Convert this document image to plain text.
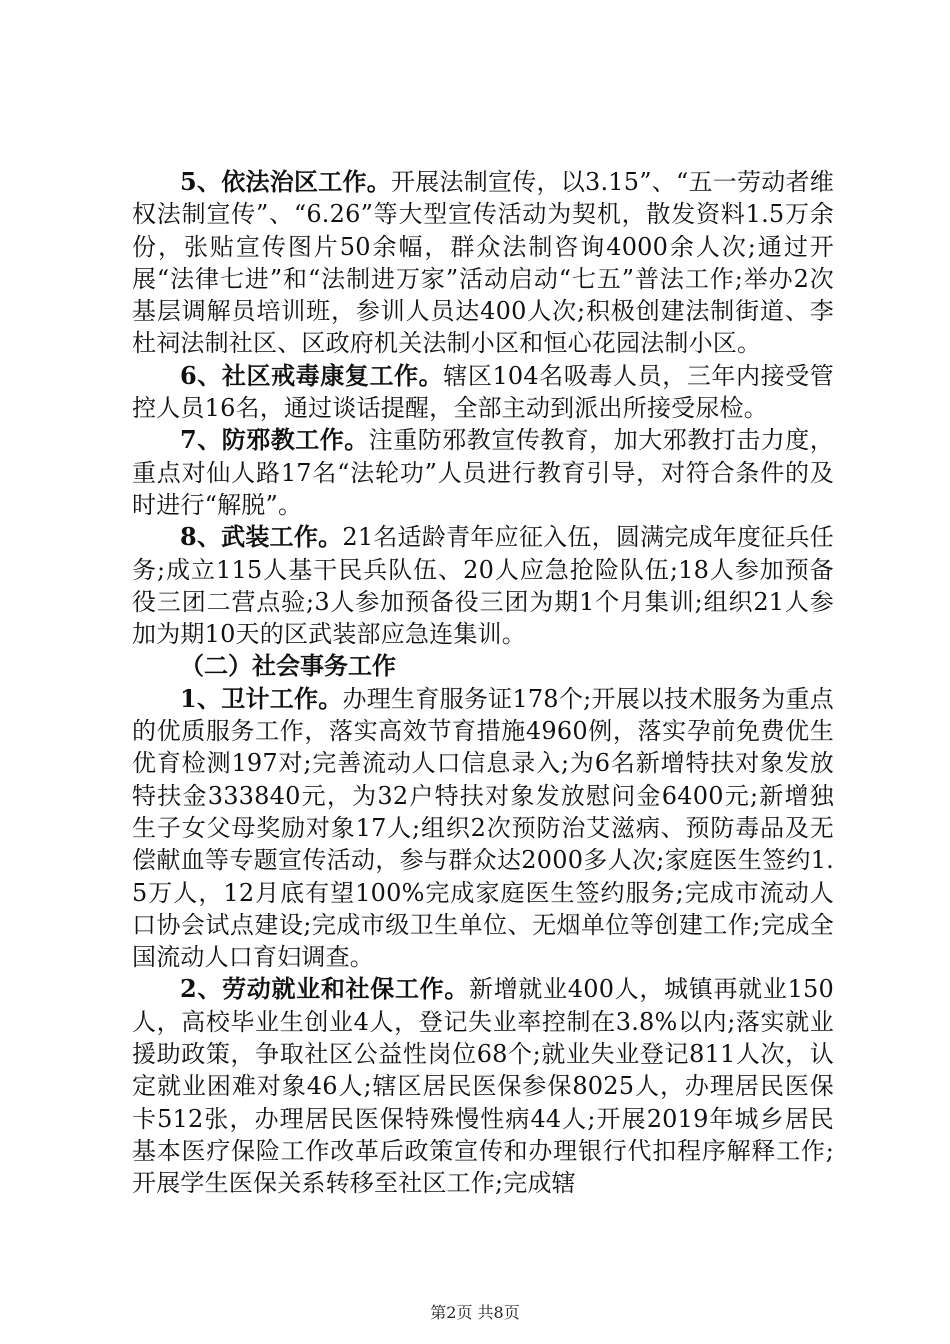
5、依法治区工作。开展法制宣传，以3.15”、“五一劳动者维权法制宣传”、“6.26”等大型宣传活动为契机，散发资料1.5万余份，张贴宣传图片50余幅，群众法制咨询4000余人次;通过开展“法律七进”和“法制进万家”活动启动“七五”普法工作;举办2次基层调解员培训班，参训人员达400人次;积极创建法制街道、李杜祠法制社区、区政府机关法制小区和恒心花园法制小区。

6、社区戒毒康复工作。辖区104名吸毒人员，三年内接受管控人员16名，通过谈话提醒，全部主动到派出所接受尿检。

7、防邪教工作。注重防邪教宣传教育，加大邪教打击力度，重点对仙人路17名“法轮功”人员进行教育引导，对符合条件的及时进行“解脱”。

8、武装工作。21名适龄青年应征入伍，圆满完成年度征兵任务;成立115人基干民兵队伍、20人应急抢险队伍;18人参加预备役三团二营点验;3人参加预备役三团为期1个月集训;组织21人参加为期10天的区武装部应急连集训。

（二）社会事务工作

1、卫计工作。办理生育服务证178个;开展以技术服务为重点的优质服务工作，落实高效节育措施4960例，落实孕前免费优生优育检测197对;完善流动人口信息录入;为6名新增特扶对象发放特扶金333840元，为32户特扶对象发放慰问金6400元;新增独生子女父母奖励对象17人;组织2次预防治艾滋病、预防毒品及无偿献血等专题宣传活动，参与群众达2000多人次;家庭医生签约1.5万人，12月底有望100%完成家庭医生签约服务;完成市流动人口协会试点建设;完成市级卫生单位、无烟单位等创建工作;完成全国流动人口育妇调查。

2、劳动就业和社保工作。新增就业400人，城镇再就业150人，高校毕业生创业4人，登记失业率控制在3.8%以内;落实就业援助政策，争取社区公益性岗位68个;就业失业登记811人次，认定就业困难对象46人;辖区居民医保参保8025人，办理居民医保卡512张，办理居民医保特殊慢性病44人;开展2019年城乡居民基本医疗保险工作改革后政策宣传和办理银行代扣程序解释工作;开展学生医保关系转移至社区工作;完成辖

第2页 共8页
